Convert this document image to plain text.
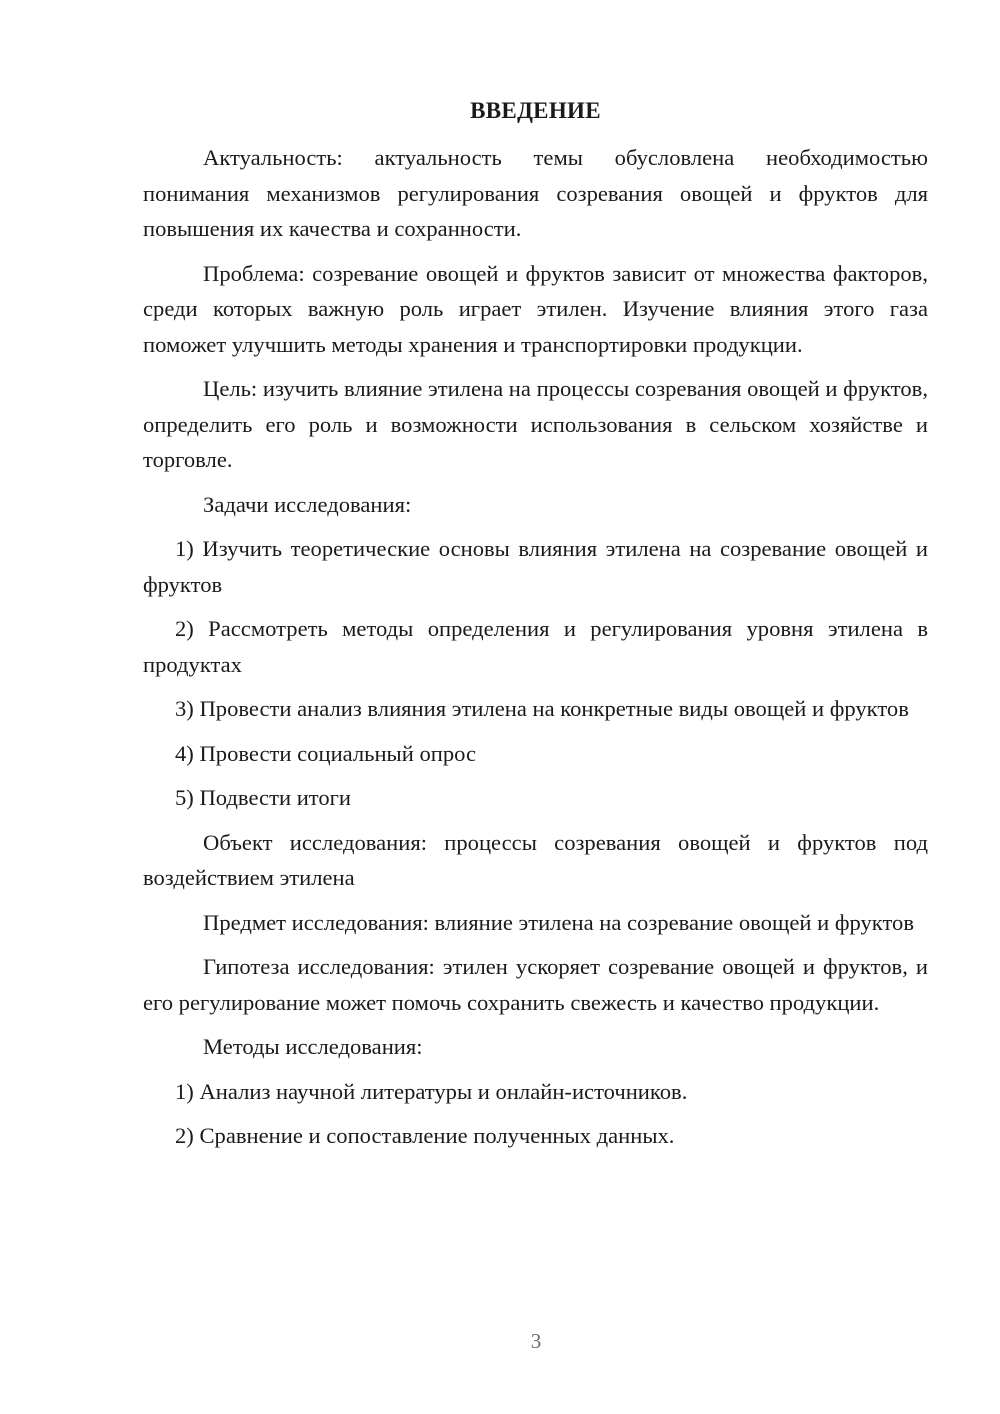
ВВЕДЕНИЕ

Актуальность: актуальность темы обусловлена необходимостью понимания механизмов регулирования созревания овощей и фруктов для повышения их качества и сохранности.

Проблема: созревание овощей и фруктов зависит от множества факторов, среди которых важную роль играет этилен. Изучение влияния этого газа поможет улучшить методы хранения и транспортировки продукции.

Цель: изучить влияние этилена на процессы созревания овощей и фруктов, определить его роль и возможности использования в сельском хозяйстве и торговле.

Задачи исследования:

1) Изучить теоретические основы влияния этилена на созревание овощей и фруктов

2) Рассмотреть методы определения и регулирования уровня этилена в продуктах

3) Провести анализ влияния этилена на конкретные виды овощей и фруктов

4) Провести социальный опрос

5) Подвести итоги

Объект исследования: процессы созревания овощей и фруктов под воздействием этилена

Предмет исследования: влияние этилена на созревание овощей и фруктов

Гипотеза исследования: этилен ускоряет созревание овощей и фруктов, и его регулирование может помочь сохранить свежесть и качество продукции.

Методы исследования:

1) Анализ научной литературы и онлайн-источников.

2) Сравнение и сопоставление полученных данных.

3
